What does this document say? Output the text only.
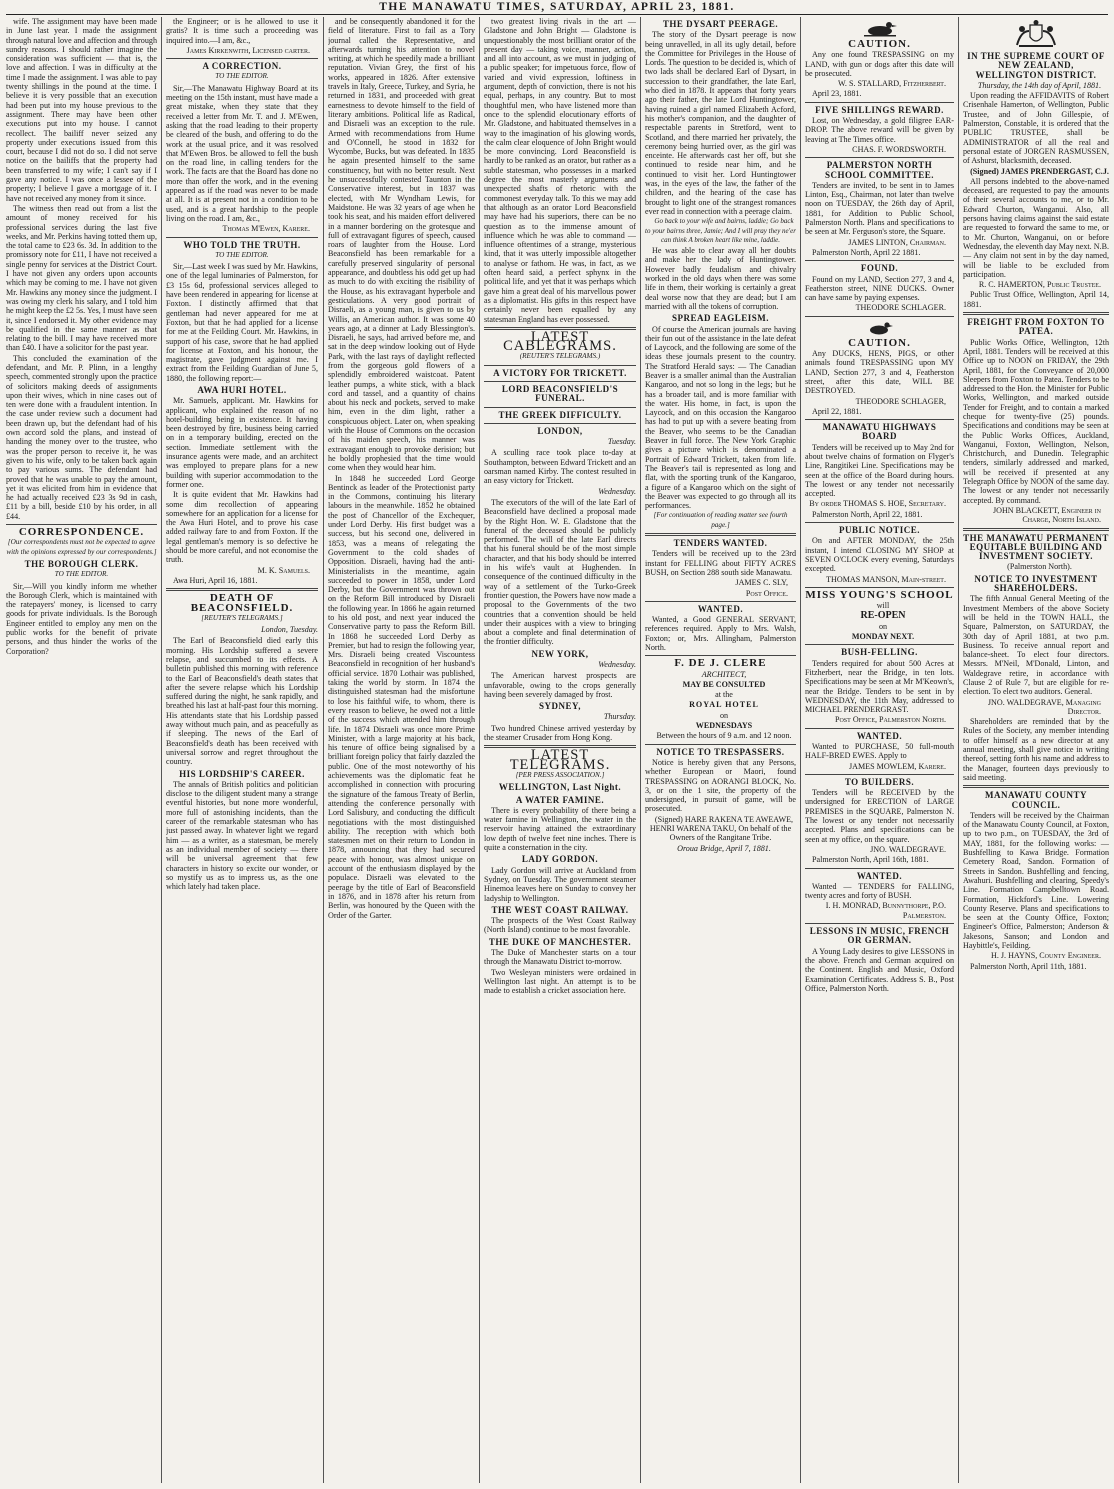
THE MANAWATU TIMES, SATURDAY, APRIL 23, 1881.

wife. The assignment may have been made in June last year. I made the assignment through natural love and affection and through sundry reasons. I should rather imagine the consideration was sufficient — that is, the love and affection. I was in difficulty at the time I made the assignment. I was able to pay twenty shillings in the pound at the time. I believe it is very possible that an execution had been put into my house previous to the assignment. There may have been other executions put into my house. I cannot recollect. The bailiff never seized any property under executions issued from this court, because I did not do so. I did not serve notice on the bailiffs that the property had been transferred to my wife; I can't say if I gave any notice. I was once a lessee of the property; I believe I gave a mortgage of it. I have not received any money from it since.

The witness then read out from a list the amount of money received for his professional services during the last five weeks, and Mr. Perkins having totted them up, the total came to £23 6s. 3d. In addition to the promissory note for £11, I have not received a single penny for services at the District Court. I have not given any orders upon accounts which may be coming to me. I have not given Mr. Hawkins any money since the judgment. I was owing my clerk his salary, and I told him he might keep the £2 5s. Yes, I must have seen it, since I endorsed it. My other evidence may be qualified in the same manner as that relating to the bill. I may have received more than £40. I have a solicitor for the past year.

This concluded the examination of the defendant, and Mr. P. Plinn, in a lengthy speech, commented strongly upon the practice of solicitors making deeds of assignments upon their wives, which in nine cases out of ten were done with a fraudulent intention. In the case under review such a document had been drawn up, but the defendant had of his own accord sold the plans, and instead of handing the money over to the trustee, who was the proper person to receive it, he was given to his wife, only to be taken back again to pay various sums. The defendant had proved that he was unable to pay the amount, yet it was elicited from him in evidence that he had actually received £23 3s 9d in cash, £11 by a bill, beside £10 by his order, in all £44.

CORRESPONDENCE.
[Our correspondents must not be expected to agree with the opinions expressed by our correspondents.]
THE BOROUGH CLERK.
TO THE EDITOR.

Sir,—Will you kindly inform me whether the Borough Clerk, which is maintained with the ratepayers' money, is licensed to carry goods for private individuals. Is the Borough Engineer entitled to employ any men on the public works for the benefit of private persons, and thus hinder the works of the Corporation?

the Engineer; or is he allowed to use it gratis? It is time such a proceeding was inquired into.—I am, &c.,

James Kirkenwith, Licensed carter.
A CORRECTION.
TO THE EDITOR.

Sir,—The Manawatu Highway Board at its meeting on the 15th instant, must have made a great mistake, when they state that they received a letter from Mr. T. and J. M'Ewen, asking that the road leading to their property be cleared of the bush, and offering to do the work at the usual price, and it was resolved that M'Ewen Bros. be allowed to fell the bush on the road line, in calling tenders for the work. The facts are that the Board has done no more than offer the work, and in the evening appeared as if the road was never to be made at all. It is at present not in a condition to be used, and is a great hardship to the people living on the road. I am, &c.,

Thomas M'Ewen, Karere.
WHO TOLD THE TRUTH.
TO THE EDITOR.

Sir,—Last week I was sued by Mr. Hawkins, one of the legal luminaries of Palmerston, for £3 15s 6d, professional services alleged to have been rendered in appearing for license at Foxton. I distinctly affirmed that that gentleman had never appeared for me at Foxton, but that he had applied for a license for me at the Feilding Court. Mr. Hawkins, in support of his case, swore that he had applied for license at Foxton, and his honour, the magistrate, gave judgment against me. I extract from the Feilding Guardian of June 5, 1880, the following report:—

AWA HURI HOTEL.

Mr. Samuels, applicant. Mr. Hawkins for applicant, who explained the reason of no hotel-building being in existence. It having been destroyed by fire, business being carried on in a temporary building, erected on the section. Immediate settlement with the insurance agents were made, and an architect was employed to prepare plans for a new building with superior accommodation to the former one.

It is quite evident that Mr. Hawkins had some dim recollection of appearing somewhere for an application for a license for the Awa Huri Hotel, and to prove his case added railway fare to and from Foxton. If the legal gentleman's memory is so defective he should be more careful, and not economise the truth.

M. K. Samuels.

Awa Huri, April 16, 1881.

DEATH OF BEACONSFIELD.
[REUTER'S TELEGRAMS.]
London, Tuesday.

The Earl of Beaconsfield died early this morning. His Lordship suffered a severe relapse, and succumbed to its effects. A bulletin published this morning with reference to the Earl of Beaconsfield's death states that after the severe relapse which his Lordship suffered during the night, he sank rapidly, and breathed his last at half-past four this morning. His attendants state that his Lordship passed away without much pain, and as peacefully as if sleeping. The news of the Earl of Beaconsfield's death has been received with universal sorrow and regret throughout the country.

HIS LORDSHIP'S CAREER.

The annals of British politics and politician disclose to the diligent student many a strange eventful histories, but none more wonderful, more full of astonishing incidents, than the career of the remarkable statesman who has just passed away. In whatever light we regard him — as a writer, as a statesman, be merely as an individual member of society — there will be universal agreement that few characters in history so excite our wonder, or so mystify us as to impress us, as the one which lately had taken place.

and be consequently abandoned it for the field of literature. First to fail as a Tory journal called the Representative, and afterwards turning his attention to novel writing, at which he speedily made a brilliant reputation. Vivian Grey, the first of his works, appeared in 1826. After extensive travels in Italy, Greece, Turkey, and Syria, he returned in 1831, and proceeded with great earnestness to devote himself to the field of literary ambitions. Political life as Radical, and Disraeli was an exception to the rule. Armed with recommendations from Hume and O'Connell, he stood in 1832 for Wycombe, Bucks, but was defeated. In 1835 he again presented himself to the same constituency, but with no better result. Next he unsuccessfully contested Taunton in the Conservative interest, but in 1837 was elected, with Mr Wyndham Lewis, for Maidstone. He was 32 years of age when he took his seat, and his maiden effort delivered in a manner bordering on the grotesque and full of extravagant figures of speech, caused roars of laughter from the House. Lord Beaconsfield has been remarkable for a carefully preserved singularity of personal appearance, and doubtless his odd get up had as much to do with exciting the risibility of the House, as his extravagant hyperbole and gesticulations. A very good portrait of Disraeli, as a young man, is given to us by Willis, an American author. It was some 40 years ago, at a dinner at Lady Blessington's. Disraeli, he says, had arrived before me, and sat in the deep window looking out of Hyde Park, with the last rays of daylight reflected from the gorgeous gold flowers of a splendidly embroidered waistcoat. Patent leather pumps, a white stick, with a black cord and tassel, and a quantity of chains about his neck and pockets, served to make him, even in the dim light, rather a conspicuous object. Later on, when speaking with the House of Commons on the occasion of his maiden speech, his manner was extravagant enough to provoke derision; but he boldly prophesied that the time would come when they would hear him.

In 1848 he succeeded Lord George Bentinck as leader of the Protectionist party in the Commons, continuing his literary labours in the meanwhile. 1852 he obtained the post of Chancellor of the Exchequer, under Lord Derby. His first budget was a success, but his second one, delivered in 1853, was a means of relegating the Government to the cold shades of Opposition. Disraeli, having had the anti-Ministerialists in the meantime, again succeeded to power in 1858, under Lord Derby, but the Government was thrown out on the Reform Bill introduced by Disraeli the following year. In 1866 he again returned to his old post, and next year induced the Conservative party to pass the Reform Bill. In 1868 he succeeded Lord Derby as Premier, but had to resign the following year, Mrs. Disraeli being created Viscountess Beaconsfield in recognition of her husband's official service. 1870 Lothair was published, taking the world by storm. In 1874 the distinguished statesman had the misfortune to lose his faithful wife, to whom, there is every reason to believe, he owed not a little of the success which attended him through life. In 1874 Disraeli was once more Prime Minister, with a large majority at his back, his tenure of office being signalised by a brilliant foreign policy that fairly dazzled the public. One of the most noteworthy of his achievements was the diplomatic feat he accomplished in connection with procuring the signature of the famous Treaty of Berlin, attending the conference personally with Lord Salisbury, and conducting the difficult negotiations with the most distinguished ability. The reception with which both statesmen met on their return to London in 1878, announcing that they had secured peace with honour, was almost unique on account of the enthusiasm displayed by the populace. Disraeli was elevated to the peerage by the title of Earl of Beaconsfield in 1876, and in 1878 after his return from Berlin, was honoured by the Queen with the Order of the Garter.

two greatest living rivals in the art — Gladstone and John Bright — Gladstone is unquestionably the most brilliant orator of the present day — taking voice, manner, action, and all into account, as we must in judging of a public speaker; for impetuous force, flow of varied and vivid expression, loftiness in argument, depth of conviction, there is not his equal, perhaps, in any country. But to most thoughtful men, who have listened more than once to the splendid elocutionary efforts of Mr. Gladstone, and habituated themselves in a way to the imagination of his glowing words, the calm clear eloquence of John Bright would be more convincing. Lord Beaconsfield is hardly to be ranked as an orator, but rather as a subtle statesman, who possesses in a marked degree the most masterly arguments and unexpected shafts of rhetoric with the commonest everyday talk. To this we may add that although as an orator Lord Beaconsfield may have had his superiors, there can be no question as to the immense amount of influence which he was able to command — influence oftentimes of a strange, mysterious kind, that it was utterly impossible altogether to analyse or fathom. He was, in fact, as we often heard said, a perfect sphynx in the political life, and yet that it was perhaps which gave him a great deal of his marvellous power as a diplomatist. His gifts in this respect have certainly never been equalled by any statesman England has ever possessed.

LATEST CABLEGRAMS.
(REUTER'S TELEGRAMS.)
A VICTORY FOR TRICKETT.
LORD BEACONSFIELD'S FUNERAL.
THE GREEK DIFFICULTY.
LONDON,
Tuesday.

A sculling race took place to-day at Southampton, between Edward Trickett and an oarsman named Kirby. The contest resulted in an easy victory for Trickett.

Wednesday.

The executors of the will of the late Earl of Beaconsfield have declined a proposal made by the Right Hon. W. E. Gladstone that the funeral of the deceased should be publicly performed. The will of the late Earl directs that his funeral should be of the most simple character, and that his body should be interred in his wife's vault at Hughenden. In consequence of the continued difficulty in the way of a settlement of the Turko-Greek frontier question, the Powers have now made a proposal to the Governments of the two countries that a convention should be held under their auspices with a view to bringing about a complete and final determination of the frontier difficulty.

NEW YORK,
Wednesday.

The American harvest prospects are unfavorable, owing to the crops generally having been severely damaged by frost.

SYDNEY,
Thursday.

Two hundred Chinese arrived yesterday by the steamer Crusader from Hong Kong.

LATEST TELEGRAMS.
[PER PRESS ASSOCIATION.]
WELLINGTON, Last Night.
A WATER FAMINE.

There is every probability of there being a water famine in Wellington, the water in the reservoir having attained the extraordinary low depth of twelve feet nine inches. There is quite a consternation in the city.

LADY GORDON.

Lady Gordon will arrive at Auckland from Sydney, on Tuesday. The government steamer Hinemoa leaves here on Sunday to convey her ladyship to Wellington.

THE WEST COAST RAILWAY.

The prospects of the West Coast Railway (North Island) continue to be most favorable.

THE DUKE OF MANCHESTER.

The Duke of Manchester starts on a tour through the Manawatu District to-morrow.

Two Wesleyan ministers were ordained in Wellington last night. An attempt is to be made to establish a cricket association here.

THE DYSART PEERAGE.

The story of the Dysart peerage is now being unravelled, in all its ugly detail, before the Committee for Privileges in the House of Lords. The question to be decided is, which of two lads shall be declared Earl of Dysart, in succession to their grandfather, the late Earl, who died in 1878. It appears that forty years ago their father, the late Lord Huntingtower, having ruined a girl named Elizabeth Acford, his mother's companion, and the daughter of respectable parents in Stretford, went to Scotland, and there married her privately, the ceremony being hurried over, as the girl was enceinte. He afterwards cast her off, but she continued to reside near him, and he continued to visit her. Lord Huntingtower was, in the eyes of the law, the father of the children, and the hearing of the case has brought to light one of the strangest romances ever read in connection with a peerage claim.

Go back to your wife and bairns, laddie; Go back to your bairns three, Jamie; And I will pray they ne'er can think A broken heart like mine, laddie.

He was able to clear away all her doubts and make her the lady of Huntingtower. However badly feudalism and chivalry worked in the old days when there was some life in them, their working is certainly a great deal worse now that they are dead; but I am married with all the tokens of corruption.

SPREAD EAGLEISM.

Of course the American journals are having their fun out of the assistance in the late defeat of Laycock, and the following are some of the ideas these journals present to the country. The Stratford Herald says: — The Canadian Beaver is a smaller animal than the Australian Kangaroo, and not so long in the legs; but he has a broader tail, and is more familiar with the water. His home, in fact, is upon the Laycock, and on this occasion the Kangaroo has had to put up with a severe beating from the Beaver, who seems to be the Canadian Beaver in full force. The New York Graphic gives a picture which is denominated a Portrait of Edward Trickett, taken from life. The Beaver's tail is represented as long and flat, with the sporting trunk of the Kangaroo, a figure of a Kangaroo which on the sight of the Beaver was expected to go through all its performances.

[For continuation of reading matter see fourth page.]
TENDERS WANTED.

Tenders will be received up to the 23rd instant for FELLING about FIFTY ACRES BUSH, on Section 288 south side Manawatu.

JAMES C. SLY,
Post Office.
WANTED.

Wanted, a Good GENERAL SERVANT, references required. Apply to Mrs. Walsh, Foxton; or, Mrs. Allingham, Palmerston North.

F. DE J. CLERE

ARCHITECT,

MAY BE CONSULTED

at the

ROYAL HOTEL

on

WEDNESDAYS

Between the hours of 9 a.m. and 12 noon.

NOTICE TO TRESPASSERS.

Notice is hereby given that any Persons, whether European or Maori, found TRESPASSING on AORANGI BLOCK, No. 3, or on the 1 site, the property of the undersigned, in pursuit of game, will be prosecuted.

(Signed) HARE RAKENA TE AWEAWE, HENRI WARENA TAKU, On behalf of the Owners of the Rangitane Tribe.

Oroua Bridge, April 7, 1881.

CAUTION.

Any one found TRESPASSING on my LAND, with gun or dogs after this date will be prosecuted.

W. S. STALLARD, Fitzherbert.

April 23, 1881.

FIVE SHILLINGS REWARD.

Lost, on Wednesday, a gold filigree EAR-DROP. The above reward will be given by leaving at The Times office.

CHAS. F. WORDSWORTH.
PALMERSTON NORTH SCHOOL COMMITTEE.

Tenders are invited, to be sent in to James Linton, Esq., Chairman, not later than twelve noon on TUESDAY, the 26th day of April, 1881, for Addition to Public School, Palmerston North. Plans and specifications to be seen at Mr. Ferguson's store, the Square.

JAMES LINTON, Chairman.

Palmerston North, April 22 1881.

FOUND.

Found on my LAND, Section 277, 3 and 4, Featherston street, NINE DUCKS. Owner can have same by paying expenses.

THEODORE SCHLAGER.
CAUTION.

Any DUCKS, HENS, PIGS, or other animals found TRESPASSING upon MY LAND, Section 277, 3 and 4, Featherston street, after this date, WILL BE DESTROYED.

THEODORE SCHLAGER,

April 22, 1881.

MANAWATU HIGHWAYS BOARD

Tenders will be received up to May 2nd for about twelve chains of formation on Flyger's Line, Rangitikei Line. Specifications may be seen at the office of the Board during hours. The lowest or any tender not necessarily accepted.

By order THOMAS S. HOE, Secretary.

Palmerston North, April 22, 1881.

PUBLIC NOTICE.

On and AFTER MONDAY, the 25th instant, I intend CLOSING MY SHOP at SEVEN O'CLOCK every evening, Saturdays excepted.

THOMAS MANSON, Main-street.
MISS YOUNG'S SCHOOL

will

RE-OPEN

on

MONDAY NEXT.

BUSH-FELLING.

Tenders required for about 500 Acres at Fitzherbert, near the Bridge, in ten lots. Specifications may be seen at Mr M'Keown's, near the Bridge. Tenders to be sent in by WEDNESDAY, the 11th May, addressed to MICHAEL PRENDERGRAST.

Post Office, Palmerston North.
WANTED.

Wanted to PURCHASE, 50 full-mouth HALF-BRED EWES. Apply to

JAMES MOWLEM, Karere.
TO BUILDERS.

Tenders will be RECEIVED by the undersigned for ERECTION of LARGE PREMISES in the SQUARE, Palmerston N. The lowest or any tender not necessarily accepted. Plans and specifications can be seen at my office, on the square.

JNO. WALDEGRAVE.

Palmerston North, April 16th, 1881.

WANTED.

Wanted — TENDERS for FALLING, twenty acres and forty of BUSH.

I. H. MONRAD, Bunnythorpe, P.O. Palmerston.
LESSONS IN MUSIC, FRENCH OR GERMAN.

A Young Lady desires to give LESSONS in the above. French and German acquired on the Continent. English and Music, Oxford Examination Certificates. Address S. B., Post Office, Palmerston North.

IN THE SUPREME COURT OF NEW ZEALAND, WELLINGTON DISTRICT.

Thursday, the 14th day of April, 1881.

Upon reading the AFFIDAVITS of Robert Crisenhale Hamerton, of Wellington, Public Trustee, and of John Gillespie, of Palmerston, Constable, it is ordered that the PUBLIC TRUSTEE, shall be ADMINISTRATOR of all the real and personal estate of JORGEN RASMUSSEN, of Ashurst, blacksmith, deceased.

(Signed) JAMES PRENDERGAST, C.J.

All persons indebted to the above-named deceased, are requested to pay the amounts of their several accounts to me, or to Mr. Edward Churton, Wanganui. Also, all persons having claims against the said estate are requested to forward the same to me, or to Mr. Churton, Wanganui, on or before Wednesday, the eleventh day May next. N.B. — Any claim not sent in by the day named, will be liable to be excluded from participation.

R. C. HAMERTON, Public Trustee.

Public Trust Office, Wellington, April 14, 1881.

FREIGHT FROM FOXTON TO PATEA.

Public Works Office, Wellington, 12th April, 1881. Tenders will be received at this Office up to NOON on FRIDAY, the 29th April, 1881, for the Conveyance of 20,000 Sleepers from Foxton to Patea. Tenders to be addressed to the Hon. the Minister for Public Works, Wellington, and marked outside Tender for Freight, and to contain a marked cheque for twenty-five (25) pounds. Specifications and conditions may be seen at the Public Works Offices, Auckland, Wanganui, Foxton, Wellington, Nelson, Christchurch, and Dunedin. Telegraphic tenders, similarly addressed and marked, will be received if presented at any Telegraph Office by NOON of the same day. The lowest or any tender not necessarily accepted. By command.

JOHN BLACKETT, Engineer in Charge, North Island.
THE MANAWATU PERMANENT EQUITABLE BUILDING AND INVESTMENT SOCIETY.

(Palmerston North).

NOTICE TO INVESTMENT SHAREHOLDERS.

The fifth Annual General Meeting of the Investment Members of the above Society will be held in the TOWN HALL, the Square, Palmerston, on SATURDAY, the 30th day of April 1881, at two p.m. Business. To receive annual report and balance-sheet. To elect four directors. Messrs. M'Neil, M'Donald, Linton, and Waldegrave retire, in accordance with Clause 2 of Rule 7, but are eligible for re-election. To elect two auditors. General.

JNO. WALDEGRAVE, Managing Director.

Shareholders are reminded that by the Rules of the Society, any member intending to offer himself as a new director at any annual meeting, shall give notice in writing thereof, setting forth his name and address to the Manager, fourteen days previously to said meeting.

MANAWATU COUNTY COUNCIL.

Tenders will be received by the Chairman of the Manawatu County Council, at Foxton, up to two p.m., on TUESDAY, the 3rd of MAY, 1881, for the following works: — Bushfelling to Kawa Bridge. Formation Cemetery Road, Sandon. Formation of Streets in Sandon. Bushfelling and fencing, Awahuri. Bushfelling and clearing, Speedy's Line. Formation Campbelltown Road. Formation, Hickford's Line. Lowering County Reserve. Plans and specifications to be seen at the County Office, Foxton; Engineer's Office, Palmerston; Anderson & Jakesons, Sanson; and London and Haybittle's, Feilding.

H. J. HAYNS, County Engineer.

Palmerston North, April 11th, 1881.
